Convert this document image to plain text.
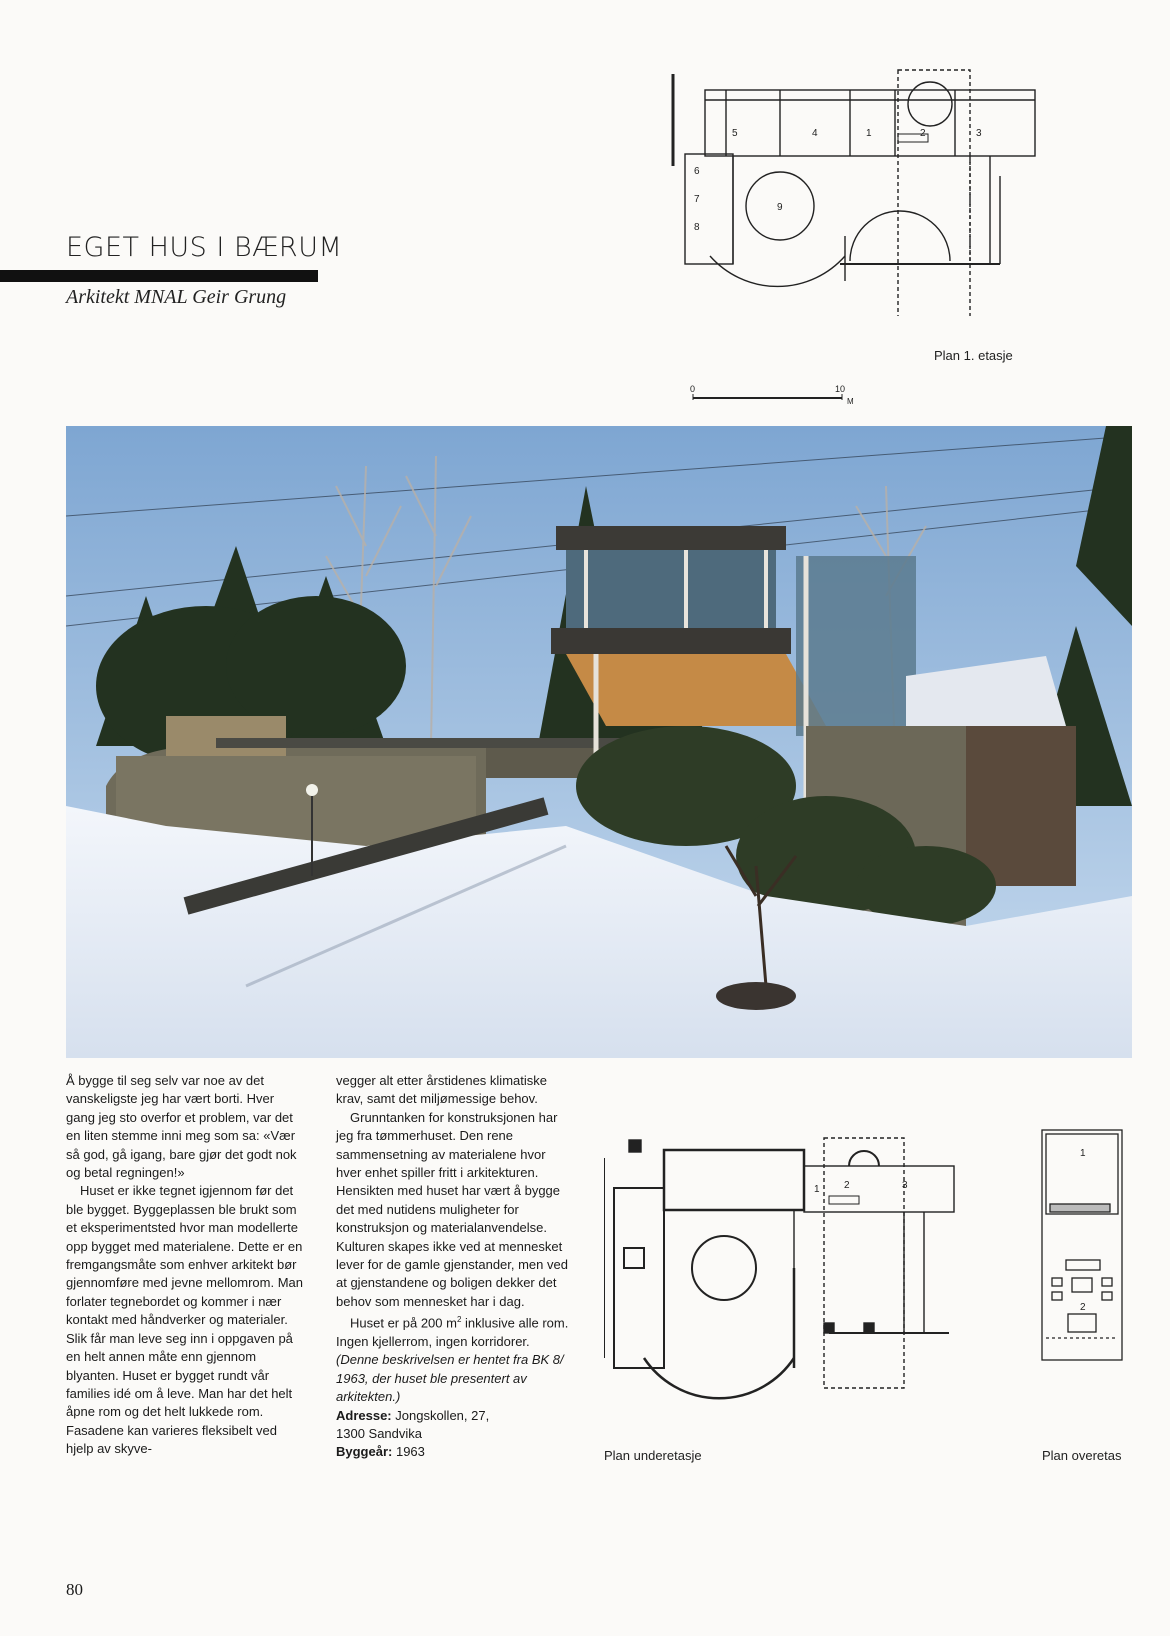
EGET HUS I BÆRUM
Arkitekt MNAL Geir Grung
5	4	1	2	3
6
7
8
9
Plan 1. etasje
0	10
M

Å bygge til seg selv var noe av det vanskeligste jeg har vært borti. Hver gang jeg sto overfor et problem, var det en liten stemme inni meg som sa: «Vær så god, gå igang, bare gjør det godt nok og betal regningen!»

Huset er ikke tegnet igjennom før det ble bygget. Byggeplassen ble brukt som et eksperimentsted hvor man modellerte opp bygget med materialene. Dette er en fremgangsmåte som enhver arkitekt bør gjennomføre med jevne mellomrom. Man forlater tegnebordet og kommer i nær kontakt med håndverker og materialer. Slik får man leve seg inn i oppgaven på en helt annen måte enn gjennom blyanten. Huset er bygget rundt vår families idé om å leve. Man har det helt åpne rom og det helt lukkede rom. Fasadene kan varieres fleksibelt ved hjelp av skyve-

vegger alt etter årstidenes klimatiske krav, samt det miljømessige behov.

Grunntanken for konstruksjonen har jeg fra tømmerhuset. Den rene sammensetning av materialene hvor hver enhet spiller fritt i arkitekturen. Hensikten med huset har vært å bygge det med nutidens muligheter for konstruksjon og materialanvendelse. Kulturen skapes ikke ved at mennesket lever for de gamle gjenstander, men ved at gjenstandene og boligen dekker det behov som mennesket har i dag.

Huset er på 200 $m^2$ inklusive alle rom. Ingen kjellerrom, ingen korridorer.

(Denne beskrivelsen er hentet fra BK 8/ 1963, der huset ble presentert av arkitekten.)

Adresse: Jongskollen, 27,

1300 Sandvika

Byggeår: 1963

1 2	3
Plan underetasje
1
2
Plan overetas
80
